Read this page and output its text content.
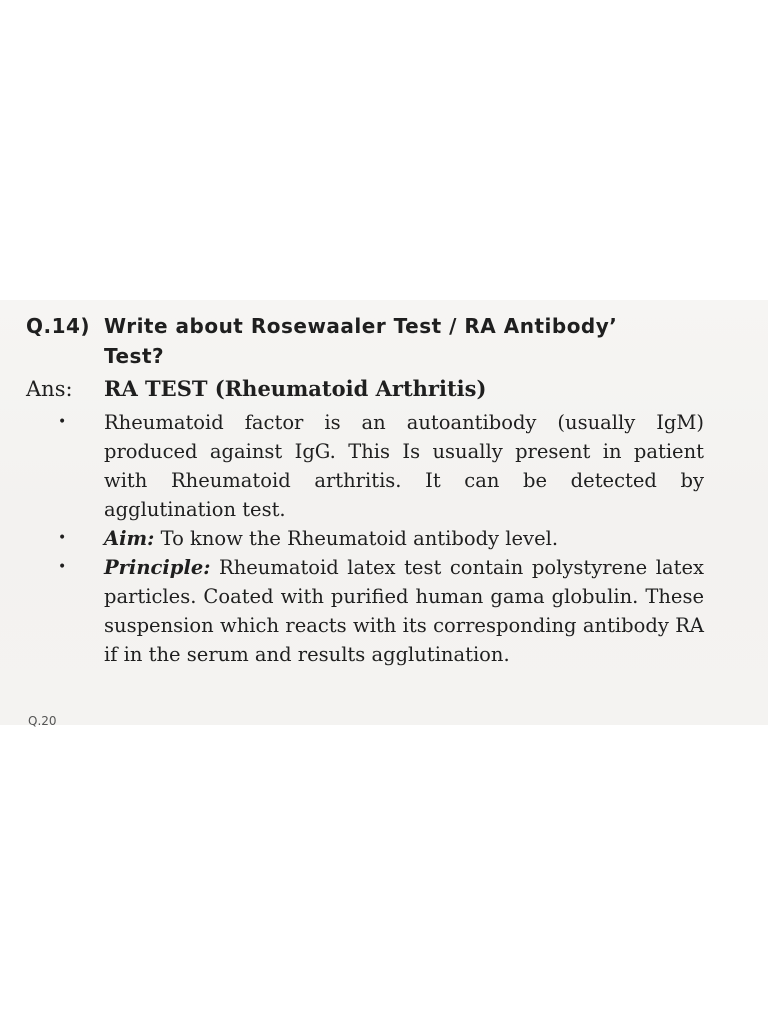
Q.14) Write about Rosewaaler Test / RA Antibody’
Test?
Ans: RA TEST (Rheumatoid Arthritis)
• Rheumatoid factor is an autoantibody (usually IgM) produced against IgG. This Is usually present in patient with Rheumatoid arthritis. It can be detected by agglutination test.
• Aim: To know the Rheumatoid antibody level.
• Principle: Rheumatoid latex test contain polystyrene latex particles. Coated with purified human gama globulin. These suspension which reacts with its corresponding antibody RA if in the serum and results agglutination.
Q.20
